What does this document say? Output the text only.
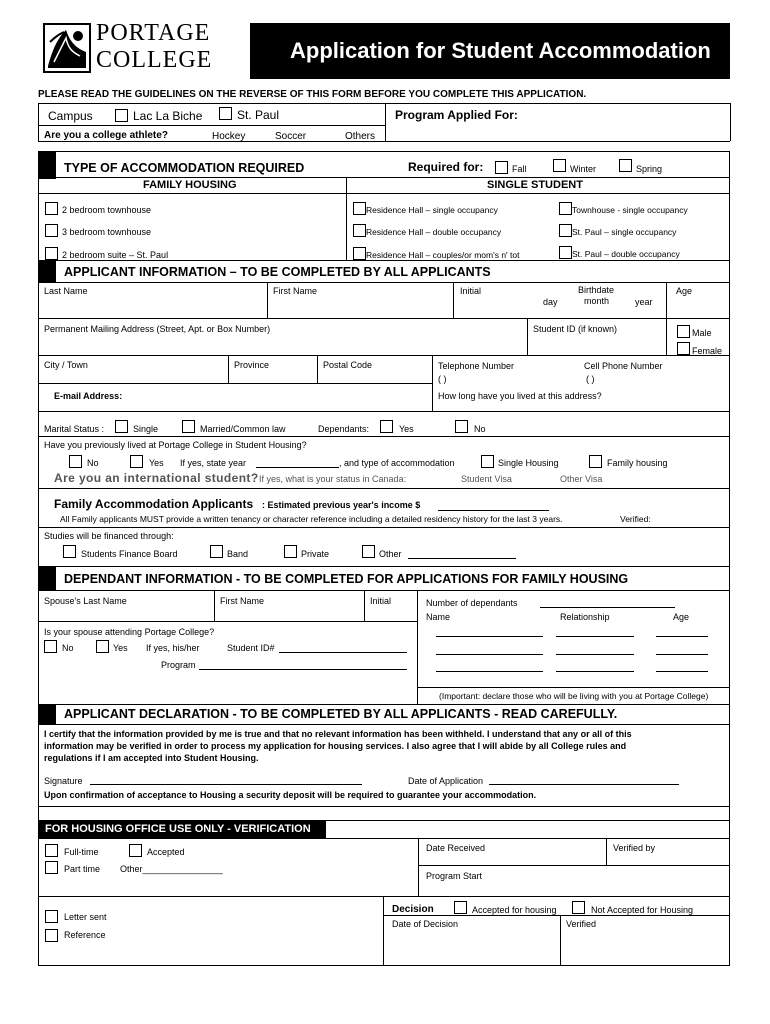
PORTAGE
COLLEGE	Application for Student Accommodation
PLEASE READ THE GUIDELINES ON THE REVERSE OF THIS FORM BEFORE YOU COMPLETE THIS APPLICATION.
Campus	Lac La Biche	St. Paul	Program Applied For:
Are you a college athlete?	Hockey	Soccer	Others
TYPE OF ACCOMMODATION REQUIRED	Required for:	Fall	Winter	Spring
FAMILY HOUSING	SINGLE STUDENT
2 bedroom townhouse
3 bedroom townhouse
2 bedroom suite – St. Paul
Residence Hall – single occupancy
Residence Hall – double occupancy
Residence Hall – couples/or mom's n' tot
Townhouse - single occupancy
St. Paul – single occupancy
St. Paul – double occupancy
APPLICANT INFORMATION – TO BE COMPLETED BY ALL APPLICANTS
Last Name	First Name	Initial	Birthdate
day	month	year
Age
Permanent Mailing Address (Street, Apt. or Box Number)	Student ID (if known)	Male
Female
City / Town	Province	Postal Code	Telephone Number
( )
Cell Phone Number
( )
E-mail Address:	How long have you lived at this address?
Marital Status :	Single	Married/Common law	Dependants:	Yes	No
Have you previously lived at Portage College in Student Housing?
No	Yes If yes, state year	, and type of accommodation	Single Housing	Family housing
Are you an international student? If yes, what is your status in Canada:	Student Visa	Other Visa
Family Accommodation Applicants : Estimated previous year's income $
All Family applicants MUST provide a written tenancy or character reference including a detailed residency history for the last 3 years.	Verified:
Studies will be financed through:
Students Finance Board	Band	Private	Other
DEPENDANT INFORMATION - TO BE COMPLETED FOR APPLICATIONS FOR FAMILY HOUSING
Spouse's Last Name	First Name	Initial	Number of dependants
Name	Relationship	Age
Is your spouse attending Portage College?
No	Yes If yes, his/her	Student ID#
Program
(Important: declare those who will be living with you at Portage College)
APPLICANT DECLARATION - TO BE COMPLETED BY ALL APPLICANTS - READ CAREFULLY.
I certify that the information provided by me is true and that no relevant information has been withheld. I understand that any or all of this
information may be verified in order to process my application for housing services. I also agree that I will abide by all College rules and
regulations if I am accepted into Student Housing.
Signature	Date of Application
Upon confirmation of acceptance to Housing a security deposit will be required to guarantee your accommodation.
FOR HOUSING OFFICE USE ONLY - VERIFICATION
Full-time	Accepted
Part time Other________________
Date Received	Verified by
Program Start
Letter sent
Reference
Decision	Accepted for housing	Not Accepted for Housing
Date of Decision	Verified
